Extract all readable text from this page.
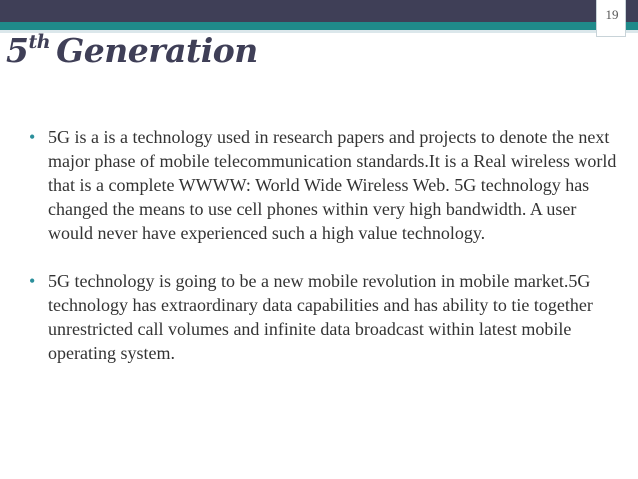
19
5th Generation
• 5G is a is a technology used in research papers and projects to denote the next major phase of mobile telecommunication standards.It is a Real wireless world that is a complete WWWW: World Wide Wireless Web. 5G technology has changed the means to use cell phones within very high bandwidth. A user would never have experienced such a high value technology.
• 5G technology is going to be a new mobile revolution in mobile market.5G technology has extraordinary data capabilities and has ability to tie together unrestricted call volumes and infinite data broadcast within latest mobile operating system.
